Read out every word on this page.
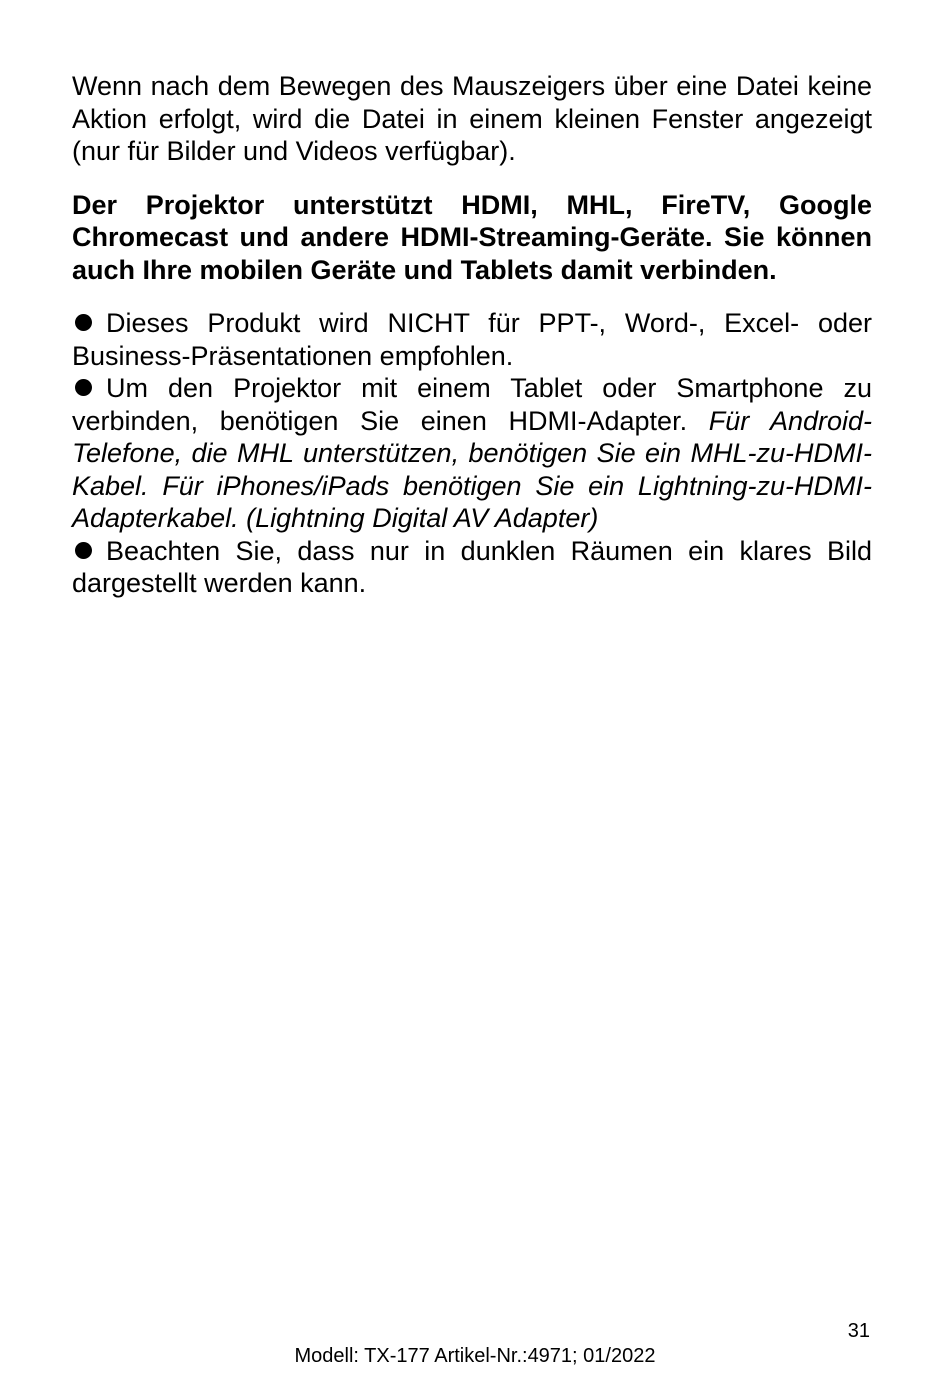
Wenn nach dem Bewegen des Mauszeigers über eine Datei keine Aktion erfolgt, wird die Datei in einem kleinen Fenster angezeigt (nur für Bilder und Videos verfügbar).

Der Projektor unterstützt HDMI, MHL, FireTV, Google Chromecast und andere HDMI-Streaming-Geräte. Sie können auch Ihre mobilen Geräte und Tablets damit verbinden.

Dieses Produkt wird NICHT für PPT-, Word-, Excel- oder Business-Präsentationen empfohlen.

Um den Projektor mit einem Tablet oder Smartphone zu verbinden, benötigen Sie einen HDMI-Adapter. Für Android-Telefone, die MHL unterstützen, benötigen Sie ein MHL-zu-HDMI-Kabel. Für iPhones/iPads benötigen Sie ein Lightning-zu-HDMI-Adapterkabel. (Lightning Digital AV Adapter)

Beachten Sie, dass nur in dunklen Räumen ein klares Bild dargestellt werden kann.

31
Modell: TX-177 Artikel-Nr.:4971; 01/2022
